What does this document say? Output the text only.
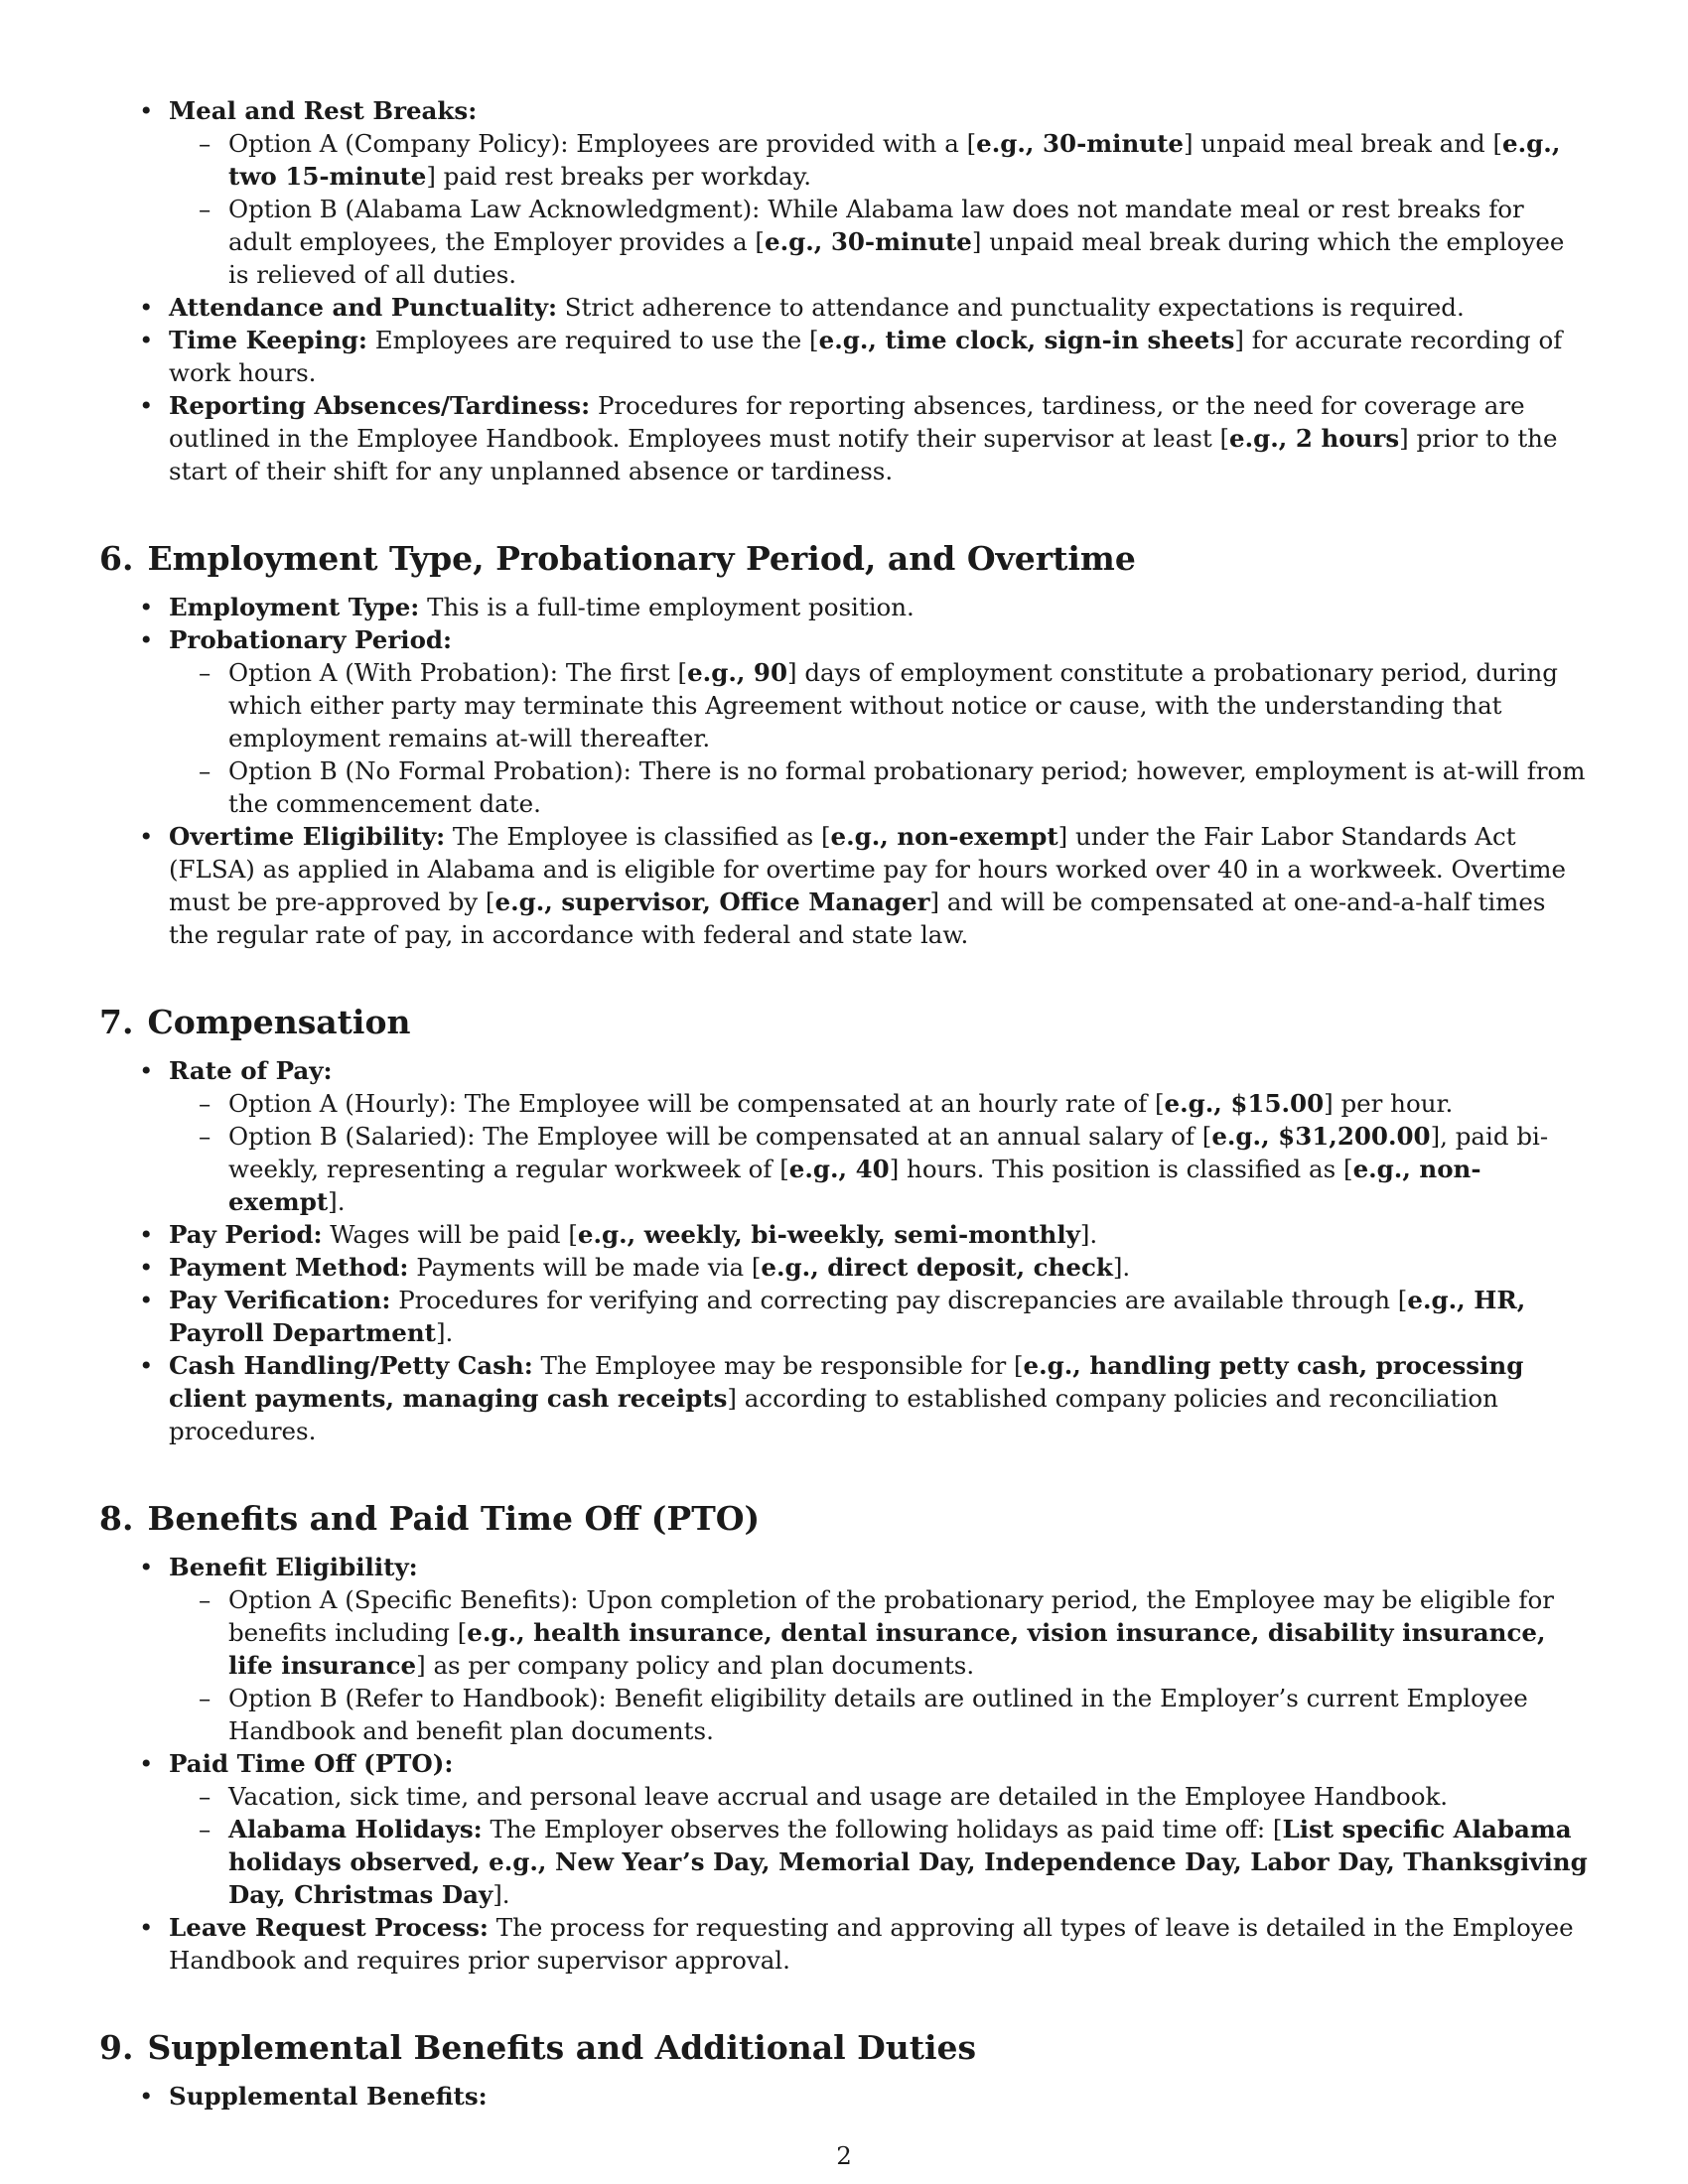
• Meal and Rest Breaks:
– Option A (Company Policy): Employees are provided with a [e.g., 30-minute] unpaid meal break and [e.g., two 15-minute] paid rest breaks per workday.
– Option B (Alabama Law Acknowledgment): While Alabama law does not mandate meal or rest breaks for adult employees, the Employer provides a [e.g., 30-minute] unpaid meal break during which the employee is relieved of all duties.
• Attendance and Punctuality: Strict adherence to attendance and punctuality expectations is required.
• Time Keeping: Employees are required to use the [e.g., time clock, sign-in sheets] for accurate recording of work hours.
• Reporting Absences/Tardiness: Procedures for reporting absences, tardiness, or the need for coverage are outlined in the Employee Handbook. Employees must notify their supervisor at least [e.g., 2 hours] prior to the start of their shift for any unplanned absence or tardiness.
6. Employment Type, Probationary Period, and Overtime
• Employment Type: This is a full-time employment position.
• Probationary Period:
– Option A (With Probation): The first [e.g., 90] days of employment constitute a probationary period, during which either party may terminate this Agreement without notice or cause, with the understanding that employment remains at-will thereafter.
– Option B (No Formal Probation): There is no formal probationary period; however, employment is at-will from the commencement date.
• Overtime Eligibility: The Employee is classified as [e.g., non-exempt] under the Fair Labor Standards Act (FLSA) as applied in Alabama and is eligible for overtime pay for hours worked over 40 in a workweek. Overtime must be pre-approved by [e.g., supervisor, Office Manager] and will be compensated at one-and-a-half times the regular rate of pay, in accordance with federal and state law.
7. Compensation
• Rate of Pay:
– Option A (Hourly): The Employee will be compensated at an hourly rate of [e.g., $15.00] per hour.
– Option B (Salaried): The Employee will be compensated at an annual salary of [e.g., $31,200.00], paid bi-weekly, representing a regular workweek of [e.g., 40] hours. This position is classified as [e.g., non-exempt].
• Pay Period: Wages will be paid [e.g., weekly, bi-weekly, semi-monthly].
• Payment Method: Payments will be made via [e.g., direct deposit, check].
• Pay Verification: Procedures for verifying and correcting pay discrepancies are available through [e.g., HR, Payroll Department].
• Cash Handling/Petty Cash: The Employee may be responsible for [e.g., handling petty cash, processing client payments, managing cash receipts] according to established company policies and reconciliation procedures.
8. Benefits and Paid Time Off (PTO)
• Benefit Eligibility:
– Option A (Specific Benefits): Upon completion of the probationary period, the Employee may be eligible for benefits including [e.g., health insurance, dental insurance, vision insurance, disability insurance, life insurance] as per company policy and plan documents.
– Option B (Refer to Handbook): Benefit eligibility details are outlined in the Employer’s current Employee Handbook and benefit plan documents.
• Paid Time Off (PTO):
– Vacation, sick time, and personal leave accrual and usage are detailed in the Employee Handbook.
– Alabama Holidays: The Employer observes the following holidays as paid time off: [List specific Alabama holidays observed, e.g., New Year’s Day, Memorial Day, Independence Day, Labor Day, Thanksgiving Day, Christmas Day].
• Leave Request Process: The process for requesting and approving all types of leave is detailed in the Employee Handbook and requires prior supervisor approval.
9. Supplemental Benefits and Additional Duties
• Supplemental Benefits:
2
